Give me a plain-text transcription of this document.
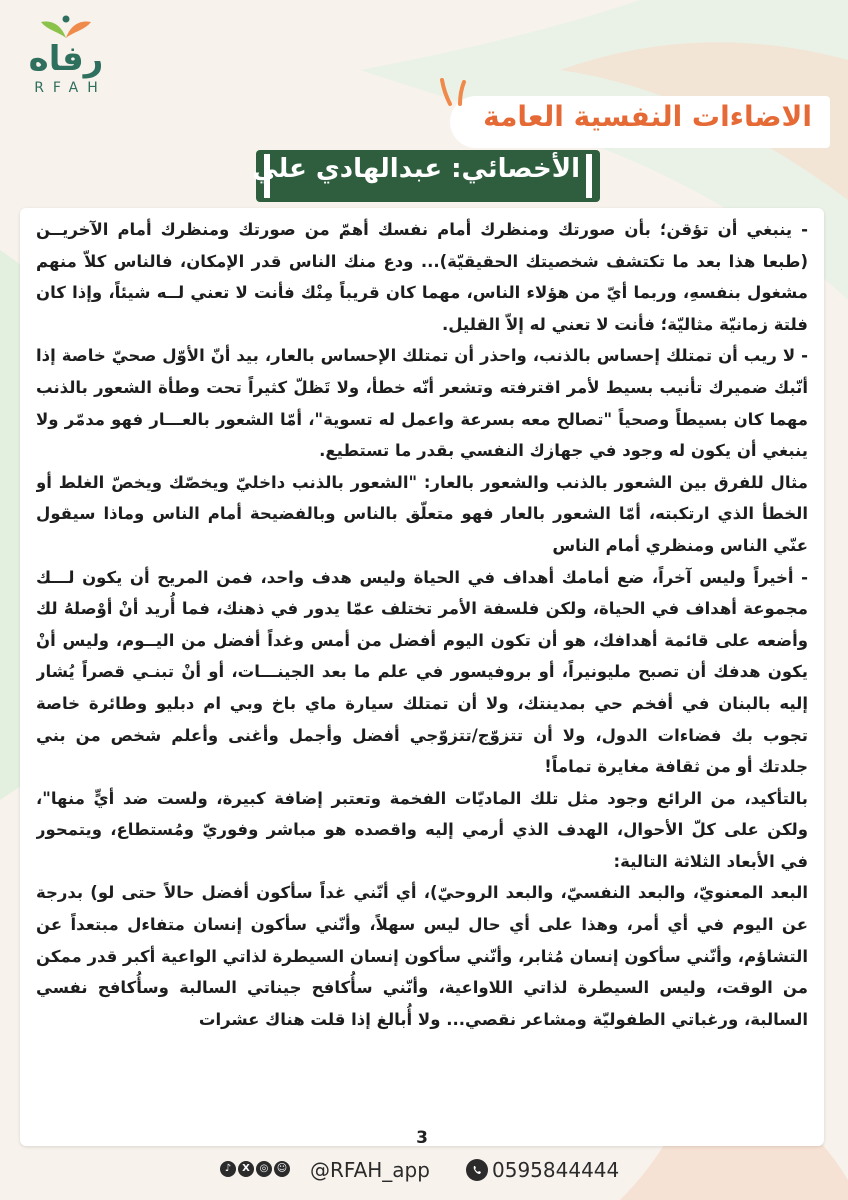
رفاه
RFAH
الاضاءات النفسية العامة
الأخصائي: عبدالهادي علي

- ينبغي أن تؤقن؛ بأن صورتك ومنظرك أمام نفسك أهمّ من صورتك ومنظرك أمام الآخريــن (طبعا هذا بعد ما تكتشف شخصيتك الحقيقيّة)... ودع منك الناس قدر الإمكان، فالناس كلاّ منهم مشغول بنفسهِ، وربما أيّ من هؤلاء الناس، مهما كان قريباً مِنْك فأنت لا تعني لــه شيئاً، وإذا كان فلتة زمانيّة مثاليّة؛ فأنت لا تعني له إلاّ القليل.

- لا ريب أن تمتلك إحساس بالذنب، واحذر أن تمتلك الإحساس بالعار، بيد أنّ الأوّل صحيّ خاصة إذا أنّبك ضميرك تأنيب بسيط لأمر اقترفته وتشعر أنّه خطأ، ولا تَظلّ كثيراً تحت وطأة الشعور بالذنب مهما كان بسيطاً وصحياً "تصالح معه بسرعة واعمل له تسوية"، أمّا الشعور بالعـــار فهو مدمّر ولا ينبغي أن يكون له وجود في جهازك النفسي بقدر ما تستطيع.

مثال للفرق بين الشعور بالذنب والشعور بالعار: "الشعور بالذنب داخليّ ويخصّك ويخصّ الغلط أو الخطأ الذي ارتكبته، أمّا الشعور بالعار فهو متعلّق بالناس وبالفضيحة أمام الناس وماذا سيقول عنّي الناس ومنظري أمام الناس

- أخيراً وليس آخراً، ضع أمامك أهداف في الحياة وليس هدف واحد، فمن المريح أن يكون لـــك مجموعة أهداف في الحياة، ولكن فلسفة الأمر تختلف عمّا يدور في ذهنك، فما أُريد أنْ أوْصلهُ لك وأضعه على قائمة أهدافك، هو أن تكون اليوم أفضل من أمس وغداً أفضل من اليــوم، وليس أنْ يكون هدفك أن تصبح مليونيراً، أو بروفيسور في علم ما بعد الجينـــات، أو أنْ تبنـي قصراً يُشار إليه بالبنان في أفخم حي بمدينتك، ولا أن تمتلك سيارة ماي باخ وبي ام دبليو وطائرة خاصة تجوب بك فضاءات الدول، ولا أن تتزوّج/تتزوّجي أفضل وأجمل وأغنى وأعلم شخص من بني جلدتك أو من ثقافة مغايرة تماماً!

بالتأكيد، من الرائع وجود مثل تلك الماديّات الفخمة وتعتبر إضافة كبيرة، ولست ضد أيٍّ منها"، ولكن على كلّ الأحوال، الهدف الذي أرمي إليه واقصده هو مباشر وفوريّ ومُستطاع، ويتمحور في الأبعاد الثلاثة التالية:

البعد المعنويّ، والبعد النفسيّ، والبعد الروحيّ)، أي أنّني غداً سأكون أفضل حالاً حتى لو) بدرجة عن اليوم في أي أمر، وهذا على أي حال ليس سهلاً، وأنّني سأكون إنسان متفاءل مبتعداً عن التشاؤم، وأنّني سأكون إنسان مُثابر، وأنّني سأكون إنسان السيطرة لذاتي الواعية أكبر قدر ممكن من الوقت، وليس السيطرة لذاتي اللاواعية، وأنّني سأُكافح جيناتي السالبة وسأُكافح نفسي السالبة، ورغباتي الطفوليّة ومشاعر نقصي... ولا أُبالغ إذا قلت هناك عشرات

3
♪	X ◎ ☺ @RFAH_app	0595844444
